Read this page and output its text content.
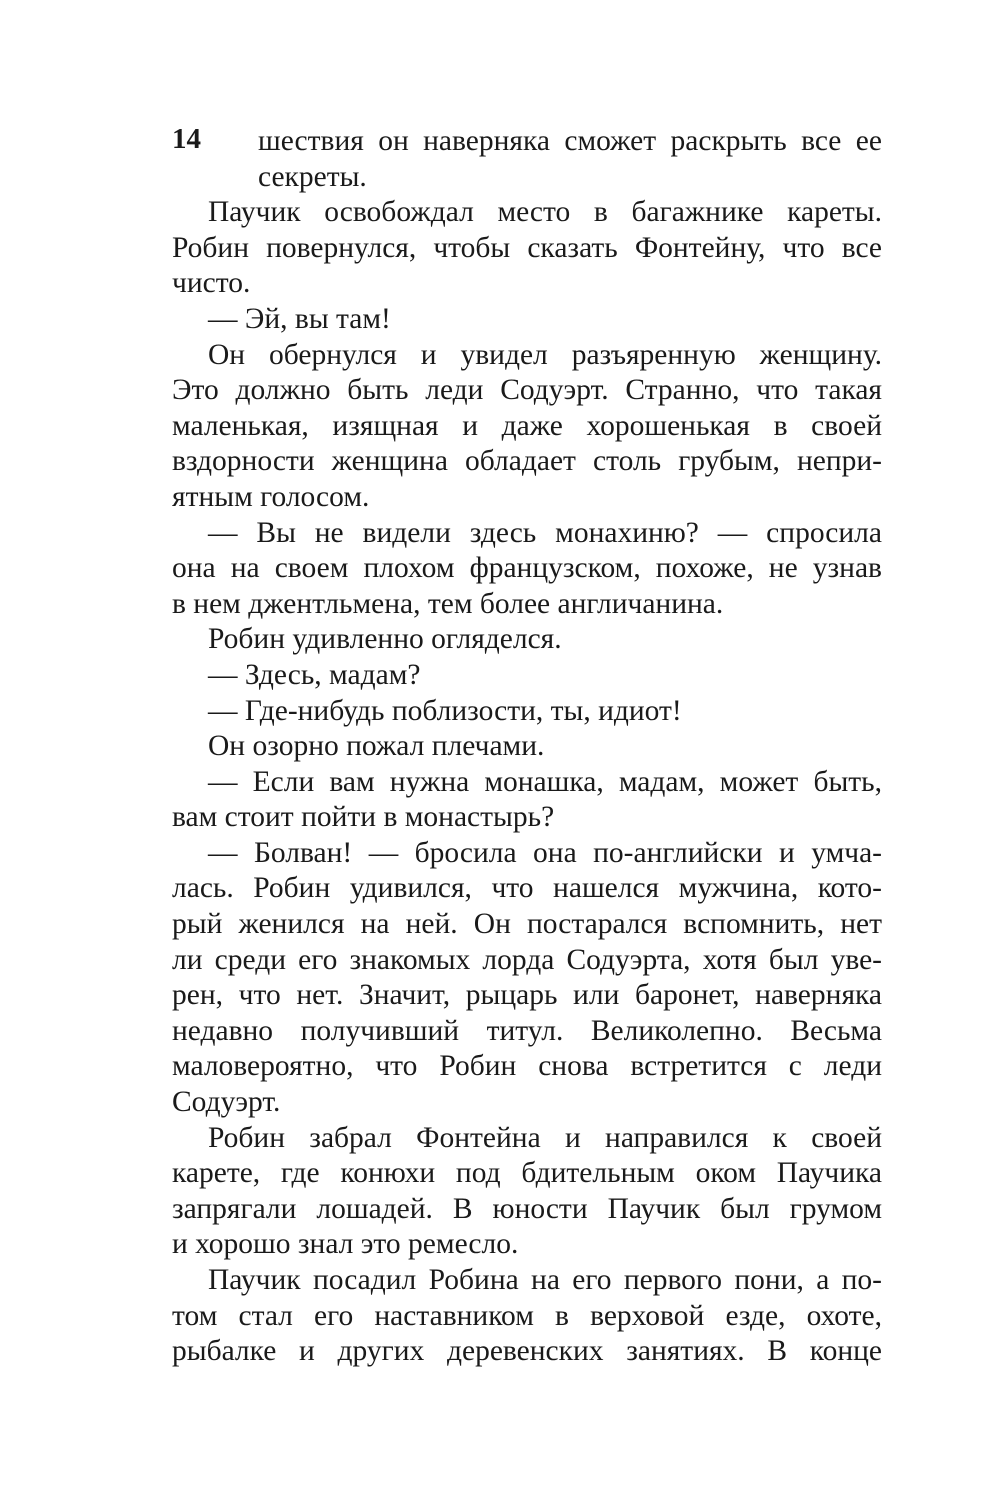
14	шествия он наверняка сможет раскрыть все ее
секреты.
Паучик освобождал место в багажнике кареты.
Робин повернулся, чтобы сказать Фонтейну, что все
чисто.
— Эй, вы там!
Он обернулся и увидел разъяренную женщину.
Это должно быть леди Содуэрт. Странно, что такая
маленькая, изящная и даже хорошенькая в своей
вздорности женщина обладает столь грубым, непри-
ятным голосом.
— Вы не видели здесь монахиню? — спросила
она на своем плохом французском, похоже, не узнав
в нем джентльмена, тем более англичанина.
Робин удивленно огляделся.
— Здесь, мадам?
— Где-нибудь поблизости, ты, идиот!
Он озорно пожал плечами.
— Если вам нужна монашка, мадам, может быть,
вам стоит пойти в монастырь?
— Болван! — бросила она по-английски и умча-
лась. Робин удивился, что нашелся мужчина, кото-
рый женился на ней. Он постарался вспомнить, нет
ли среди его знакомых лорда Содуэрта, хотя был уве-
рен, что нет. Значит, рыцарь или баронет, наверняка
недавно получивший титул. Великолепно. Весьма
маловероятно, что Робин снова встретится с леди
Содуэрт.
Робин забрал Фонтейна и направился к своей
карете, где конюхи под бдительным оком Паучика
запрягали лошадей. В юности Паучик был грумом
и хорошо знал это ремесло.
Паучик посадил Робина на его первого пони, а по-
том стал его наставником в верховой езде, охоте,
рыбалке и других деревенских занятиях. В конце
